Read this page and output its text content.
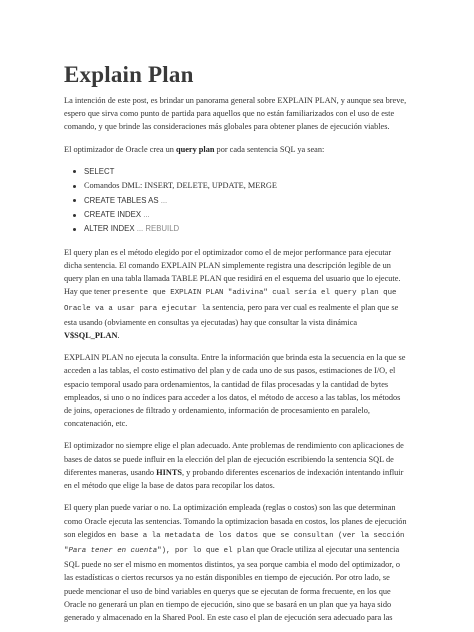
Explain Plan

La intención de este post, es brindar un panorama general sobre EXPLAIN PLAN, y aunque sea breve, espero que sirva como punto de partida para aquellos que no están familiarizados con el uso de este comando, y que brinde las consideraciones más globales para obtener planes de ejecución viables.

El optimizador de Oracle crea un query plan por cada sentencia SQL ya sean:

SELECT
Comandos DML: INSERT, DELETE, UPDATE, MERGE
CREATE TABLES AS ...
CREATE INDEX ...
ALTER INDEX ... REBUILD

El query plan es el método elegido por el optimizador como el de mejor performance para ejecutar dicha sentencia. El comando EXPLAIN PLAN simplemente registra una descripción legible de un query plan en una tabla llamada TABLE PLAN que residirá en el esquema del usuario que lo ejecute. Hay que tener presente que EXPLAIN PLAN "adivina" cual sería el query plan que Oracle va a usar para ejecutar la sentencia, pero para ver cual es realmente el plan que se esta usando (obviamente en consultas ya ejecutadas) hay que consultar la vista dinámica V$SQL_PLAN.

EXPLAIN PLAN no ejecuta la consulta. Entre la información que brinda esta la secuencia en la que se acceden a las tablas, el costo estimativo del plan y de cada uno de sus pasos, estimaciones de I/O, el espacio temporal usado para ordenamientos, la cantidad de filas procesadas y la cantidad de bytes empleados, si uno o no índices para acceder a los datos, el método de acceso a las tablas, los métodos de joins, operaciones de filtrado y ordenamiento, información de procesamiento en paralelo, concatenación, etc.

El optimizador no siempre elige el plan adecuado. Ante problemas de rendimiento con aplicaciones de bases de datos se puede influir en la elección del plan de ejecución escribiendo la sentencia SQL de diferentes maneras, usando HINTS, y probando diferentes escenarios de indexación intentando influir en el método que elige la base de datos para recopilar los datos.

El query plan puede variar o no. La optimización empleada (reglas o costos) son las que determinan como Oracle ejecuta las sentencias. Tomando la optimizacion basada en costos, los planes de ejecución son elegidos en base a la metadata de los datos que se consultan (ver la sección "Para tener en cuenta"), por lo que el plan que Oracle utiliza al ejecutar una sentencia SQL puede no ser el mismo en momentos distintos, ya sea porque cambia el modo del optimizador, o las estadísticas o ciertos recursos ya no están disponibles en tiempo de ejecución. Por otro lado, se puede mencionar el uso de bind variables en querys que se ejecutan de forma frecuente, en los que Oracle no generará un plan en tiempo de ejecución, sino que se basará en un plan que ya haya sido generado y almacenado en la Shared Pool. En este caso el plan de ejecución sera adecuado para las
